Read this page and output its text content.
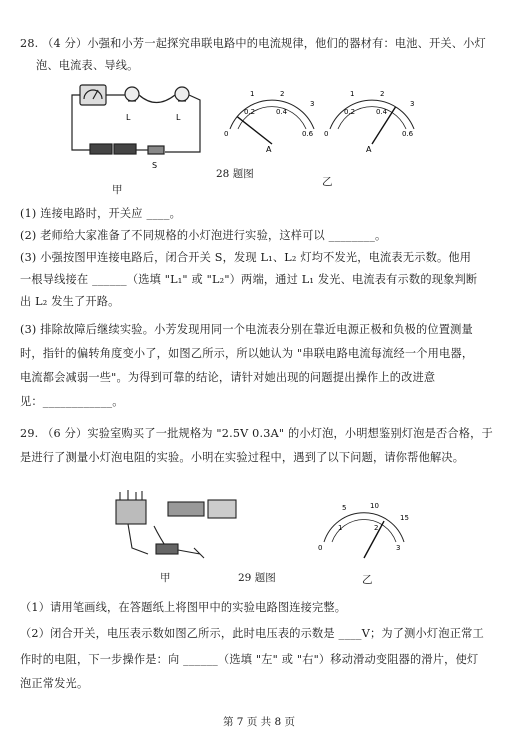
28. （4 分）小强和小芳一起探究串联电路中的电流规律，他们的器材有：电池、开关、小灯
泡、电流表、导线。
L	L
S
甲
0
0.2	0.4
0.6
1	2
3
A
0
0.2	0.4
0.6
1	2
3
A
28 题图
乙
(1) 连接电路时，开关应 ____。
(2) 老师给大家准备了不同规格的小灯泡进行实验，这样可以 ________。
(3) 小强按图甲连接电路后，闭合开关 S，发现 L₁、L₂ 灯均不发光，电流表无示数。他用
一根导线接在 ______（选填 "L₁" 或 "L₂"）两端，通过 L₁ 发光、电流表有示数的现象判断
出 L₂ 发生了开路。
(3) 排除故障后继续实验。小芳发现用同一个电流表分别在靠近电源正极和负极的位置测量
时，指针的偏转角度变小了，如图乙所示，所以她认为 "串联电路电流每流经一个用电器，
电流都会减弱一些"。为得到可靠的结论，请针对她出现的问题提出操作上的改进意
见：____________。
29. （6 分）实验室购买了一批规格为 "2.5V 0.3A" 的小灯泡，小明想鉴别灯泡是否合格，于
是进行了测量小灯泡电阻的实验。小明在实验过程中，遇到了以下问题，请你帮他解决。
甲	29 题图
0
1	2
3
5	10
15
乙
（1）请用笔画线，在答题纸上将图甲中的实验电路图连接完整。
（2）闭合开关，电压表示数如图乙所示，此时电压表的示数是 ____V；为了测小灯泡正常工
作时的电阻，下一步操作是：向 ______（选填 "左" 或 "右"）移动滑动变阻器的滑片，使灯
泡正常发光。
第 7 页 共 8 页
